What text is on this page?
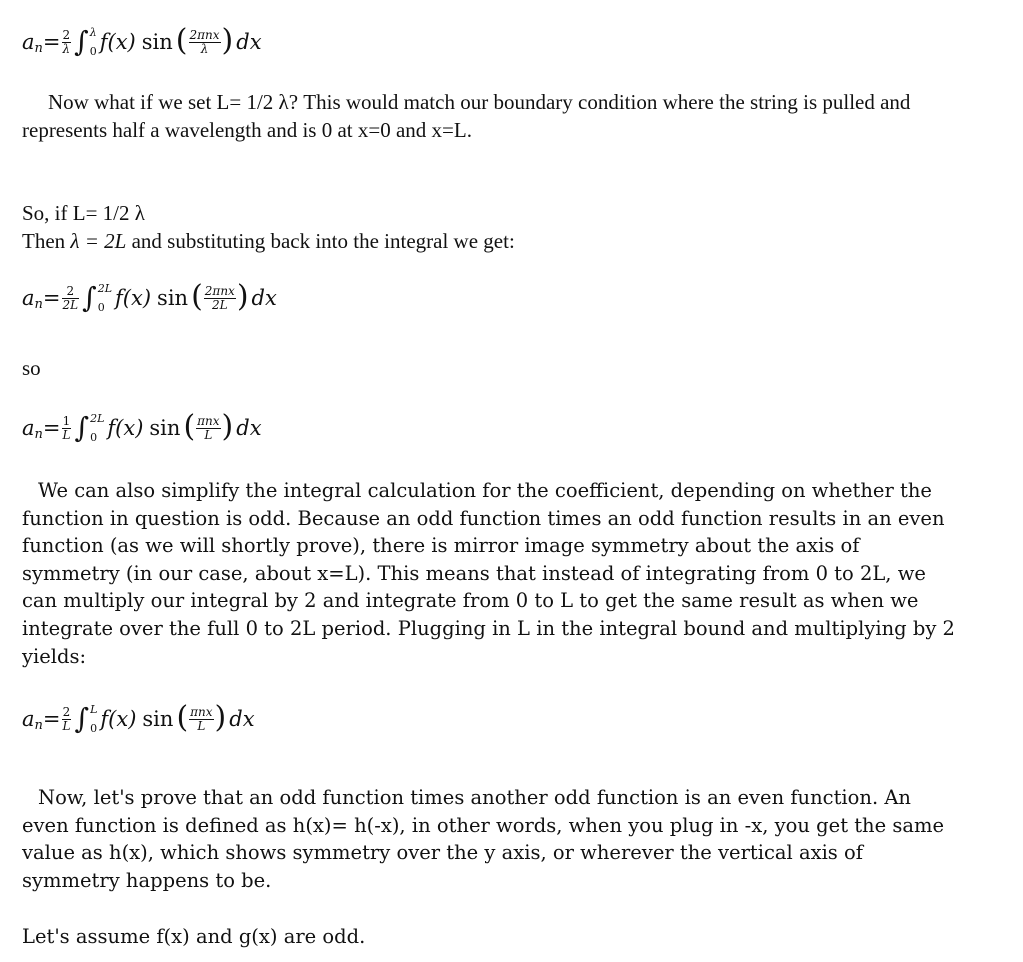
a $n = \frac{2}{\lambda}$ ∫ λ
0 f(x) sin ( $\frac{\text{2πnx}}{\lambda}$ ) dx

Now what if we set L= 1/2 λ? This would match our boundary condition where the string is pulled and represents half a wavelength and is 0 at x=0 and x=L.

So, if L= 1/2 λ
Then λ = 2L and substituting back into the integral we get:

a $n = \frac{2}{2L}$ ∫ 2L
0 f(x) sin ( $\frac{\text{2πnx}}{2L}$ ) dx

so

a $n = \frac{1}{L}$ ∫ 2L
0 f(x) sin ( $\frac{\text{πnx}}{L}$ ) dx

We can also simplify the integral calculation for the coefficient, depending on whether the function in question is odd. Because an odd function times an odd function results in an even function (as we will shortly prove), there is mirror image symmetry about the axis of symmetry (in our case, about x=L). This means that instead of integrating from 0 to 2L, we can multiply our integral by 2 and integrate from 0 to L to get the same result as when we integrate over the full 0 to 2L period. Plugging in L in the integral bound and multiplying by 2 yields:

a $n = \frac{2}{L}$ ∫ L
0 f(x) sin ( $\frac{\text{πnx}}{L}$ ) dx

Now, let's prove that an odd function times another odd function is an even function. An even function is defined as h(x)= h(-x), in other words, when you plug in -x, you get the same value as h(x), which shows symmetry over the y axis, or wherever the vertical axis of symmetry happens to be.

Let's assume f(x) and g(x) are odd.
